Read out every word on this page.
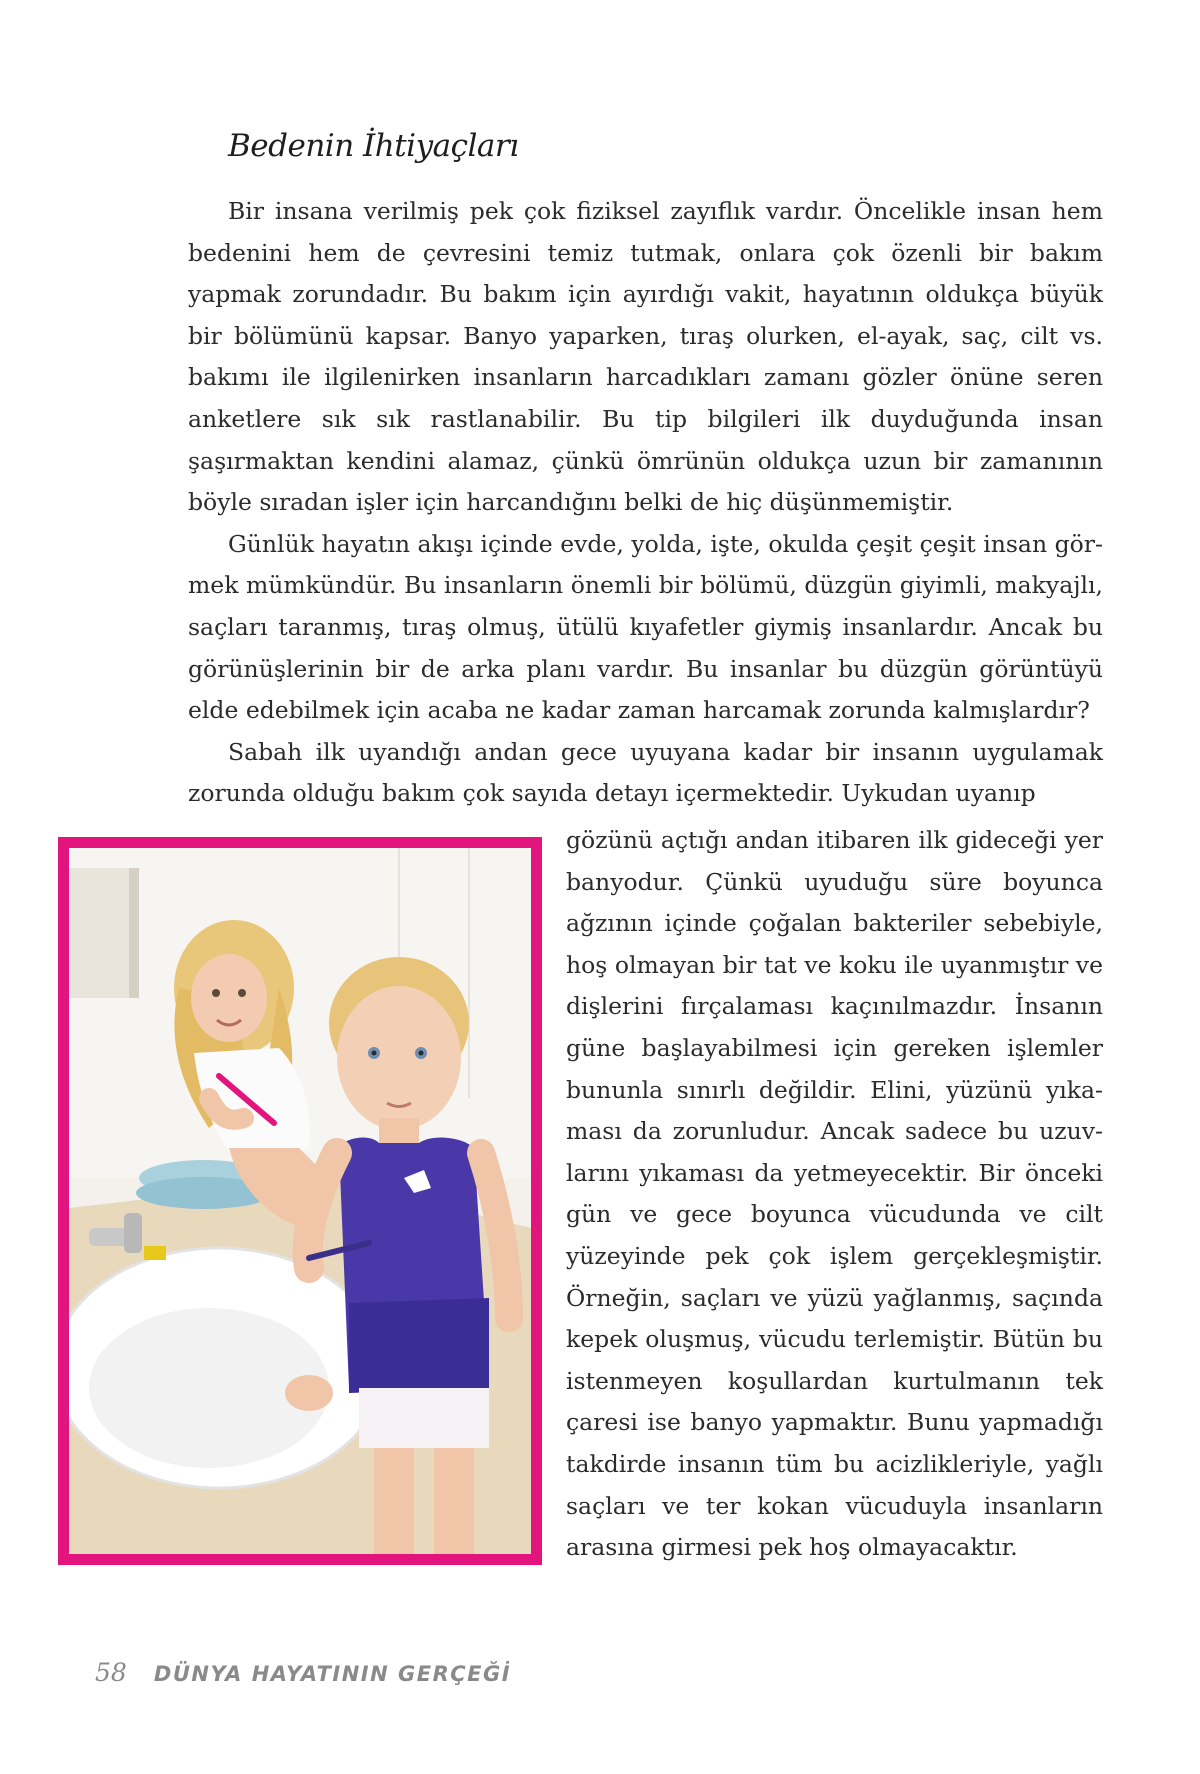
Bedenin İhtiyaçları

Bir insana verilmiş pek çok fiziksel zayıflık vardır. Öncelikle insan hem bedenini hem de çevresini temiz tutmak, onlara çok özenli bir bakım yapmak zorundadır. Bu bakım için ayırdığı vakit, hayatının oldukça büyük bir bölümünü kapsar. Banyo yaparken, tıraş olurken, el-ayak, saç, cilt vs. bakımı ile ilgilenirken insanların harcadıkları zamanı gözler önüne seren anketlere sık sık rastlanabilir. Bu tip bilgileri ilk duyduğunda insan şaşırmaktan kendini alamaz, çünkü ömrünün oldukça uzun bir zamanının böyle sıradan işler için harcandığını belki de hiç düşünmemiştir.

Günlük hayatın akışı içinde evde, yolda, işte, okulda çeşit çeşit insan görmek mümkündür. Bu insanların önemli bir bölümü, düzgün giyimli, makyajlı, saçları taranmış, tıraş olmuş, ütülü kıyafetler giymiş insanlardır. Ancak bu görünüşlerinin bir de arka planı vardır. Bu insanlar bu düzgün görüntüyü elde edebilmek için acaba ne kadar zaman harcamak zorunda kalmışlardır?

Sabah ilk uyandığı andan gece uyuyana kadar bir insanın uygulamak zorunda olduğu bakım çok sayıda detayı içermektedir. Uykudan uyanıp

gözünü açtığı andan itibaren ilk gideceği yer banyodur. Çünkü uyuduğu süre boyunca ağzının içinde çoğalan bakteriler sebebiyle, hoş olmayan bir tat ve koku ile uyanmıştır ve dişlerini fırçalaması kaçınılmazdır. İnsanın güne başlayabilmesi için gereken işlemler bununla sınırlı değildir. Elini, yüzünü yıkaması da zorunludur. Ancak sadece bu uzuvlarını yıkaması da yetmeyecektir. Bir önceki gün ve gece boyunca vücudunda ve cilt yüzeyinde pek çok işlem gerçekleşmiştir. Örneğin, saçları ve yüzü yağlanmış, saçında kepek oluşmuş, vücudu terlemiştir. Bütün bu istenmeyen koşullardan kurtulmanın tek çaresi ise banyo yapmaktır. Bunu yapmadığı takdirde insanın tüm bu acizlikleriyle, yağlı saçları ve ter kokan vücuduyla insanların arasına girmesi pek hoş olmayacaktır.

58 DÜNYA HAYATININ GERÇEĞİ
